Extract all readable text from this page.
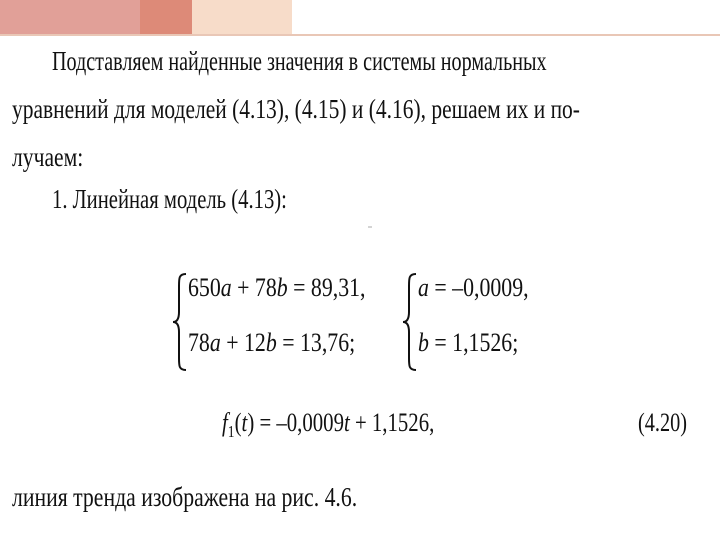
Подставляем найденные значения в системы нормальных
уравнений для моделей (4.13), (4.15) и (4.16), решаем их и по-
лучаем:
1. Линейная модель (4.13):
650a + 78b = 89,31,
78a + 12b = 13,76;
a = –0,0009,
b = 1,1526;
$f_1(t) = -0,0009t + 1,1526$,	(4.20)
линия тренда изображена на рис. 4.6.
